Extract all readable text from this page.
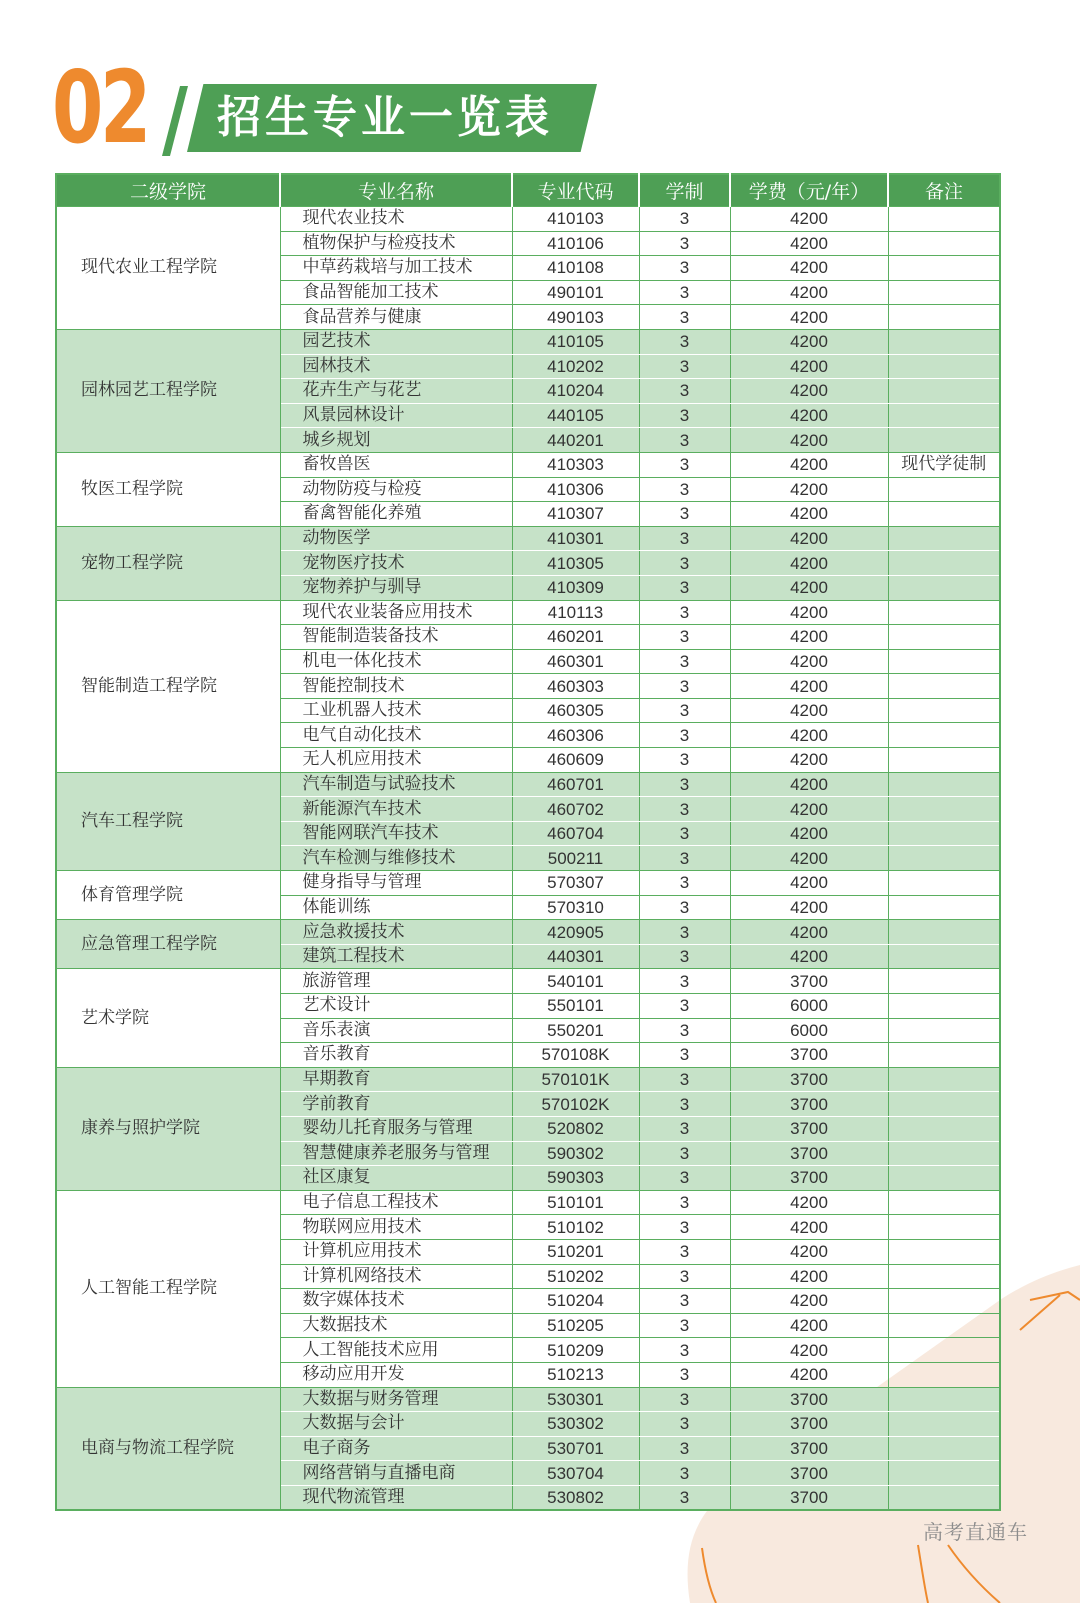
02 招生专业一览表
二级学院	专业名称	专业代码	学制	学费（元/年）	备注
现代农业工程学院	现代农业技术	410103	3	4200	
	植物保护与检疫技术	410106	3	4200	
	中草药栽培与加工技术	410108	3	4200	
	食品智能加工技术	490101	3	4200	
	食品营养与健康	490103	3	4200	
园林园艺工程学院	园艺技术	410105	3	4200	
	园林技术	410202	3	4200	
	花卉生产与花艺	410204	3	4200	
	风景园林设计	440105	3	4200	
	城乡规划	440201	3	4200	
牧医工程学院	畜牧兽医	410303	3	4200	现代学徒制
	动物防疫与检疫	410306	3	4200	
	畜禽智能化养殖	410307	3	4200	
宠物工程学院	动物医学	410301	3	4200	
	宠物医疗技术	410305	3	4200	
	宠物养护与驯导	410309	3	4200	
智能制造工程学院	现代农业装备应用技术	410113	3	4200	
	智能制造装备技术	460201	3	4200	
	机电一体化技术	460301	3	4200	
	智能控制技术	460303	3	4200	
	工业机器人技术	460305	3	4200	
	电气自动化技术	460306	3	4200	
	无人机应用技术	460609	3	4200	
汽车工程学院	汽车制造与试验技术	460701	3	4200	
	新能源汽车技术	460702	3	4200	
	智能网联汽车技术	460704	3	4200	
	汽车检测与维修技术	500211	3	4200	
体育管理学院	健身指导与管理	570307	3	4200	
	体能训练	570310	3	4200	
应急管理工程学院	应急救援技术	420905	3	4200	
	建筑工程技术	440301	3	4200	
艺术学院	旅游管理	540101	3	3700	
	艺术设计	550101	3	6000	
	音乐表演	550201	3	6000	
	音乐教育	570108K	3	3700	
康养与照护学院	早期教育	570101K	3	3700	
	学前教育	570102K	3	3700	
	婴幼儿托育服务与管理	520802	3	3700	
	智慧健康养老服务与管理	590302	3	3700	
	社区康复	590303	3	3700	
人工智能工程学院	电子信息工程技术	510101	3	4200	
	物联网应用技术	510102	3	4200	
	计算机应用技术	510201	3	4200	
	计算机网络技术	510202	3	4200	
	数字媒体技术	510204	3	4200	
	大数据技术	510205	3	4200	
	人工智能技术应用	510209	3	4200	
	移动应用开发	510213	3	4200	
电商与物流工程学院	大数据与财务管理	530301	3	3700	
	大数据与会计	530302	3	3700	
	电子商务	530701	3	3700	
	网络营销与直播电商	530704	3	3700	
	现代物流管理	530802	3	3700	
高考直通车
